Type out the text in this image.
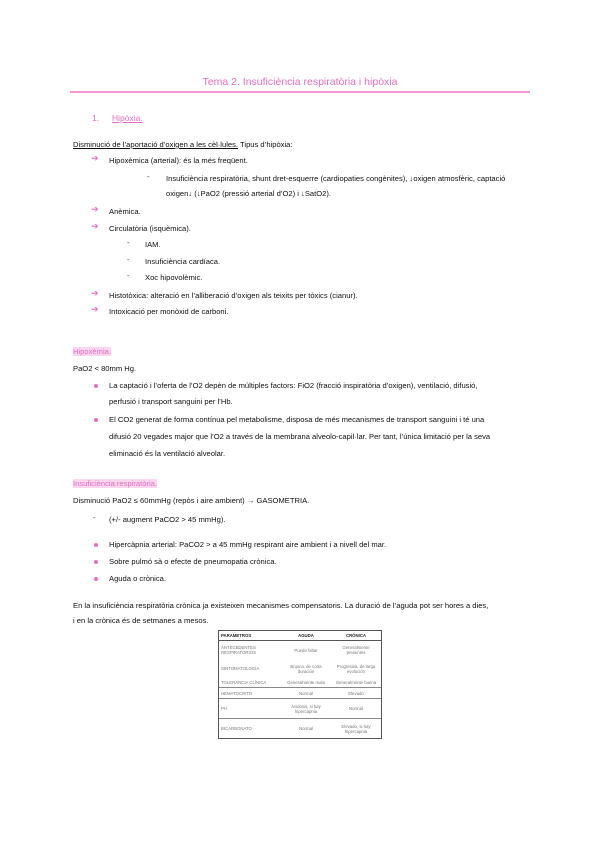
Tema 2. Insuficiència respiratòria i hipòxia
1. Hipòxia.
Disminució de l’aportació d’oxigen a les cèl·lules. Tipus d’hipòxia:
➔ Hipoxèmica (arterial): és la més freqüent.
- Insuficiència respiratòria, shunt dret-esquerre (cardiopaties congènites), ↓oxigen atmosfèric, captació
oxigen↓ (↓PaO2 (pressió arterial d’O2) i ↓SatO2).
➔ Anèmica.
➔ Circulatòria (isquèmica).
- IAM.
- Insuficiència cardíaca.
- Xoc hipovolèmic.
➔ Histotòxica: alteració en l’alliberació d’oxigen als teixits per tòxics (cianur).
➔ Intoxicació per monòxid de carboni.
Hipoxèmia.
PaO2 < 80mm Hg.
La captació i l’oferta de l’O2 depèn de múltiples factors: FiO2 (fracció inspiratòria d’oxigen), ventilació, difusió,
perfusió i transport sanguini per l’Hb.
El CO2 generat de forma contínua pel metabolisme, disposa de més mecanismes de transport sanguini i té una
difusió 20 vegades major que l’O2 a través de la membrana alveolo-capil·lar. Per tant, l’única limitació per la seva
eliminació és la ventilació alveolar.
Insuficiència respiratòria.
Disminució PaO2 ≤ 60mmHg (repòs i aire ambient) → GASOMETRIA.
- (+/- augment PaCO2 > 45 mmHg).
Hipercàpnia arterial: PaCO2 > a 45 mmHg respirant aire ambient i a nivell del mar.
Sobre pulmó sà o efecte de pneumopatia crònica.
Aguda o crònica.
En la insuficiència respiratòria crònica ja existeixen mecanismes compensatoris. La duració de l’aguda pot ser hores a dies,
i en la crònica és de setmanes a mesos.
PARAMETROS	AGUDA	CRÓNICA
ANTECEDENTES RESPIRATORIOS	Puede faltar	Generalmente presentes
SINTOMATOLOGÍA	Brusca, de corta duración	Progresiva, de larga evolución
TOLERANCIA CLÍNICA	Generalmente mala	Generalmente buena
HEMATOCRITO	Normal	Elevado
PH	Acidosis, si hay hipercapnia	Normal
BICARBONATO	Normal	Elevado, si hay hipercapnia
